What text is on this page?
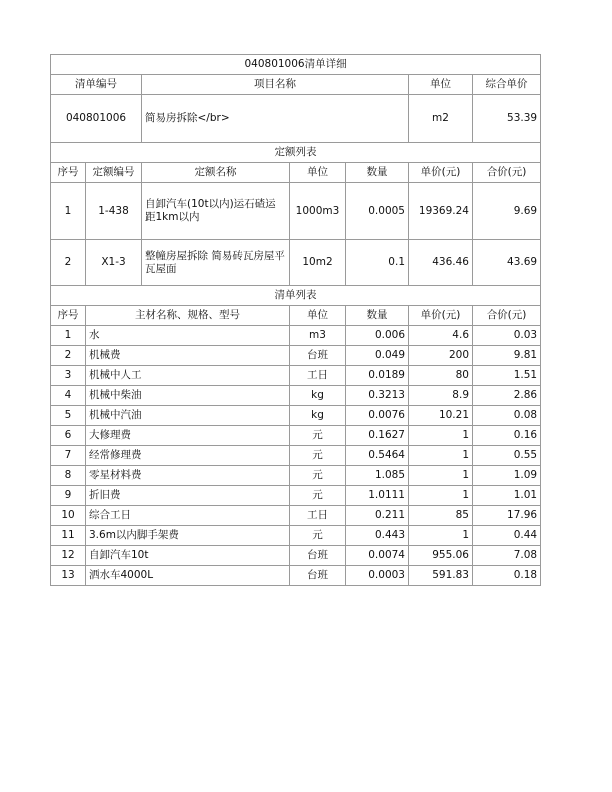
040801006清单详细						
清单编号		项目名称			单位	综合单价
040801006		简易房拆除</br>			m2	53.39
定额列表						
序号	定额编号	定额名称	单位	数量	单价(元)	合价(元)
1	1-438	自卸汽车(10t以内)运石碴运距1km以内	1000m3	0.0005	19369.24	9.69
2	X1-3	整幢房屋拆除 简易砖瓦房屋平瓦屋面	10m2	0.1	436.46	43.69
清单列表						
序号	主材名称、规格、型号		单位	数量	单价(元)	合价(元)
1	水		m3	0.006	4.6	0.03
2	机械费		台班	0.049	200	9.81
3	机械中人工		工日	0.0189	80	1.51
4	机械中柴油		kg	0.3213	8.9	2.86
5	机械中汽油		kg	0.0076	10.21	0.08
6	大修理费		元	0.1627	1	0.16
7	经常修理费		元	0.5464	1	0.55
8	零星材料费		元	1.085	1	1.09
9	折旧费		元	1.0111	1	1.01
10	综合工日		工日	0.211	85	17.96
11	3.6m以内脚手架费		元	0.443	1	0.44
12	自卸汽车10t		台班	0.0074	955.06	7.08
13	洒水车4000L		台班	0.0003	591.83	0.18
